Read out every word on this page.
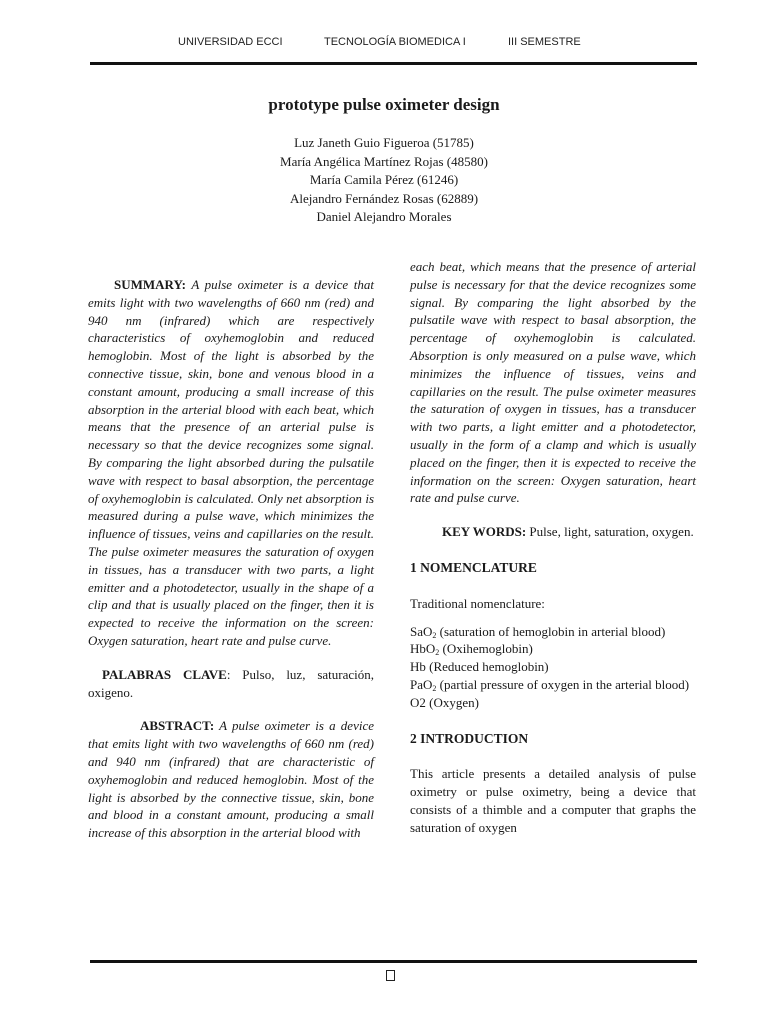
UNIVERSIDAD ECCI	TECNOLOGÍA BIOMEDICA I	III SEMESTRE
prototype pulse oximeter design
Luz Janeth Guio Figueroa (51785)
María Angélica Martínez Rojas (48580)
María Camila Pérez (61246)
Alejandro Fernández Rosas (62889)
Daniel Alejandro Morales

SUMMARY: A pulse oximeter is a device that emits light with two wavelengths of 660 nm (red) and 940 nm (infrared) which are respectively characteristics of oxyhemoglobin and reduced hemoglobin. Most of the light is absorbed by the connective tissue, skin, bone and venous blood in a constant amount, producing a small increase of this absorption in the arterial blood with each beat, which means that the presence of an arterial pulse is necessary so that the device recognizes some signal. By comparing the light absorbed during the pulsatile wave with respect to basal absorption, the percentage of oxyhemoglobin is calculated. Only net absorption is measured during a pulse wave, which minimizes the influence of tissues, veins and capillaries on the result. The pulse oximeter measures the saturation of oxygen in tissues, has a transducer with two parts, a light emitter and a photodetector, usually in the shape of a clip and that is usually placed on the finger, then it is expected to receive the information on the screen: Oxygen saturation, heart rate and pulse curve.

PALABRAS CLAVE: Pulso, luz, saturación, oxigeno.

ABSTRACT: A pulse oximeter is a device that emits light with two wavelengths of 660 nm (red) and 940 nm (infrared) that are characteristic of oxyhemoglobin and reduced hemoglobin. Most of the light is absorbed by the connective tissue, skin, bone and blood in a constant amount, producing a small increase of this absorption in the arterial blood with

each beat, which means that the presence of arterial pulse is necessary for that the device recognizes some signal. By comparing the light absorbed by the pulsatile wave with respect to basal absorption, the percentage of oxyhemoglobin is calculated. Absorption is only measured on a pulse wave, which minimizes the influence of tissues, veins and capillaries on the result. The pulse oximeter measures the saturation of oxygen in tissues, has a transducer with two parts, a light emitter and a photodetector, usually in the form of a clamp and which is usually placed on the finger, then it is expected to receive the information on the screen: Oxygen saturation, heart rate and pulse curve.

KEY WORDS: Pulse, light, saturation, oxygen.

1 NOMENCLATURE

Traditional nomenclature:

SaO$_2$ (saturation of hemoglobin in arterial blood)

HbO$_2$ (Oxihemoglobin)

Hb (Reduced hemoglobin)

PaO$_2$ (partial pressure of oxygen in the arterial blood)

O2 (Oxygen)

2 INTRODUCTION

This article presents a detailed analysis of pulse oximetry or pulse oximetry, being a device that consists of a thimble and a computer that graphs the saturation of oxygen
